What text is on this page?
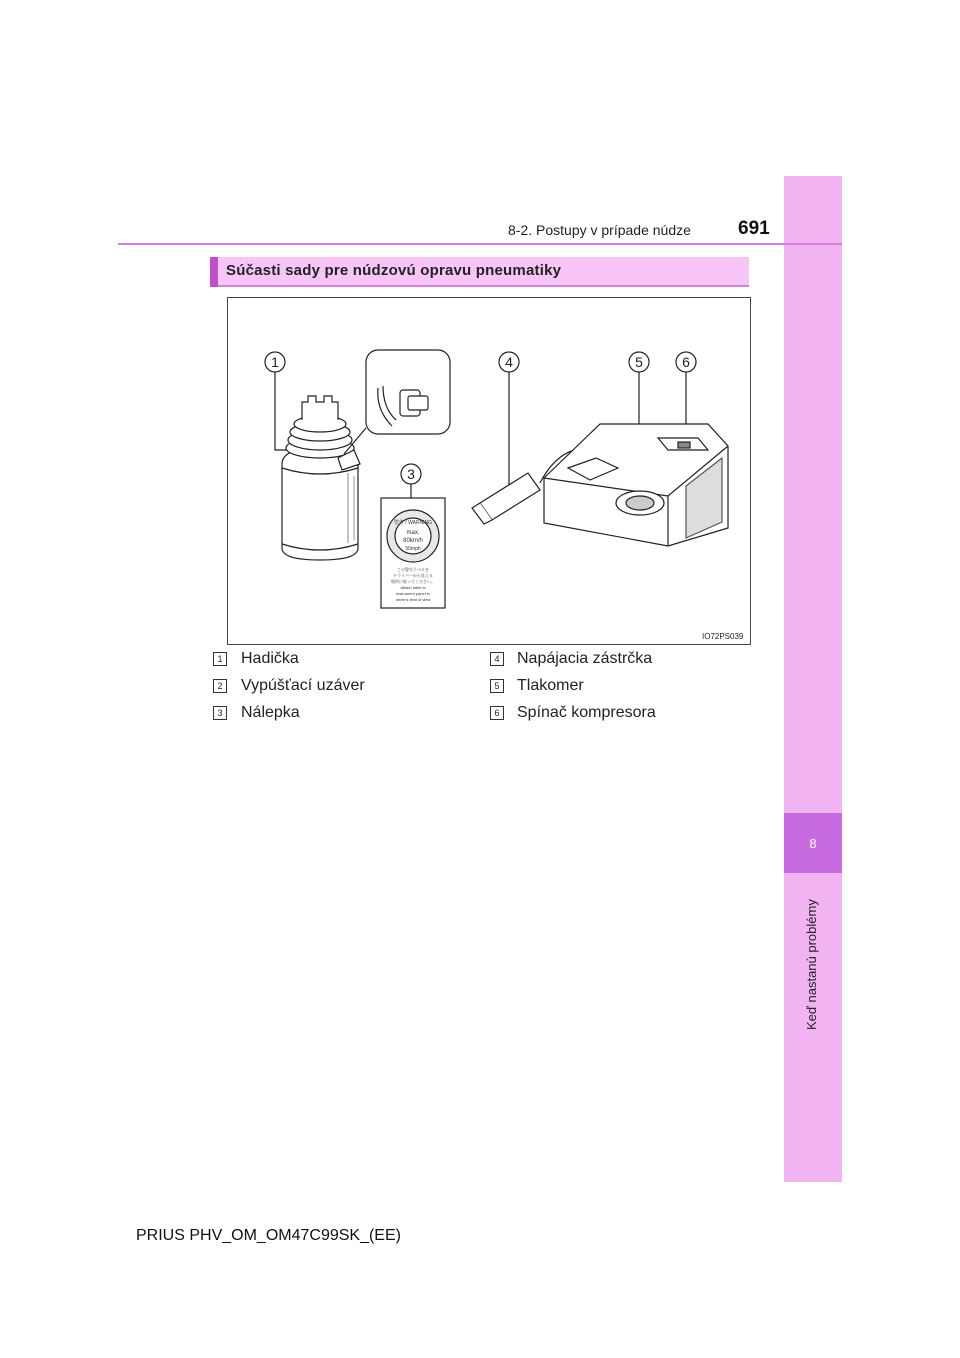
8
Keď nastanú problémy
8-2. Postupy v prípade núdze 691
Súčasti sady pre núdzovú opravu pneumatiky
1
3
4	5	6
警告 / WARNING
max.
80km/h
50mph
この警告ラベルを
ドライバーから見える
場所に貼ってください。
Attach label to
instrument panel in
driver's field of view
IO72PS039
1 Hadička
2 Vypúšťací uzáver
3 Nálepka
4 Napájacia zástrčka
5 Tlakomer
6 Spínač kompresora
PRIUS PHV_OM_OM47C99SK_(EE)
